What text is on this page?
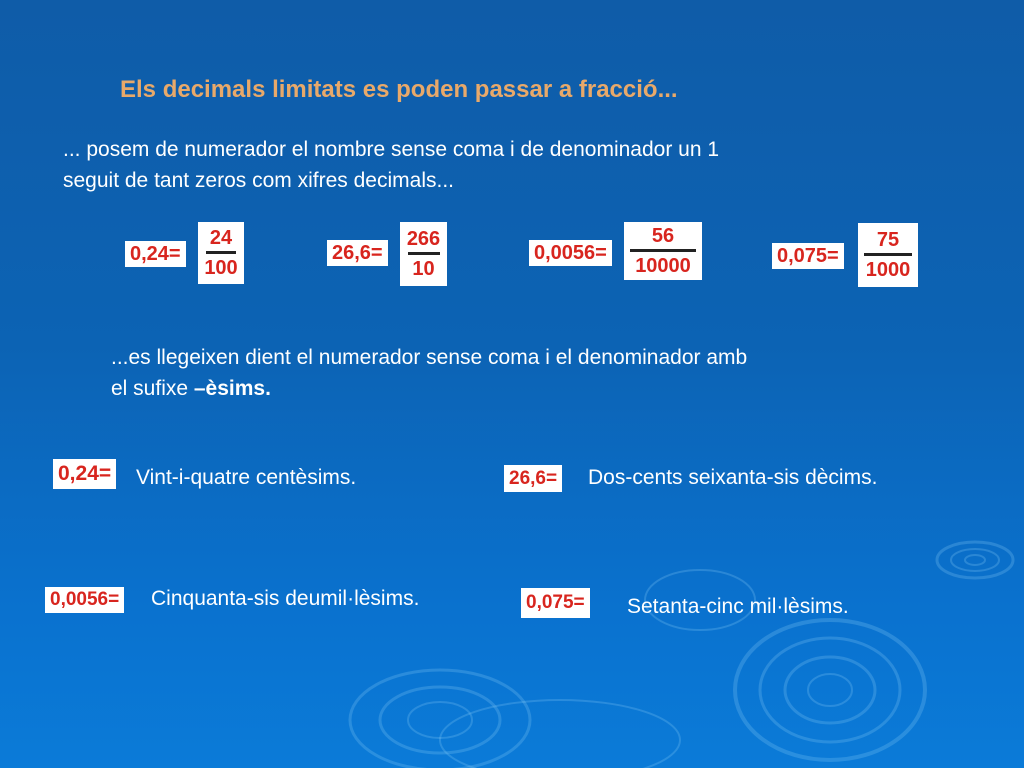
Els decimals limitats es poden passar a fracció...
... posem de numerador el nombre sense coma i de denominador un 1
seguit de tant zeros com xifres decimals...
0,24=
24
100
26,6=
266
10
0,0056=
56
10000	0,075=
75
1000
...es llegeixen dient el numerador sense coma i el denominador amb
el sufixe –èsims.
0,24= Vint-i-quatre centèsims.	26,6= Dos-cents seixanta-sis dècims.
0,0056= Cinquanta-sis deumil·lèsims.	0,075= Setanta-cinc mil·lèsims.
